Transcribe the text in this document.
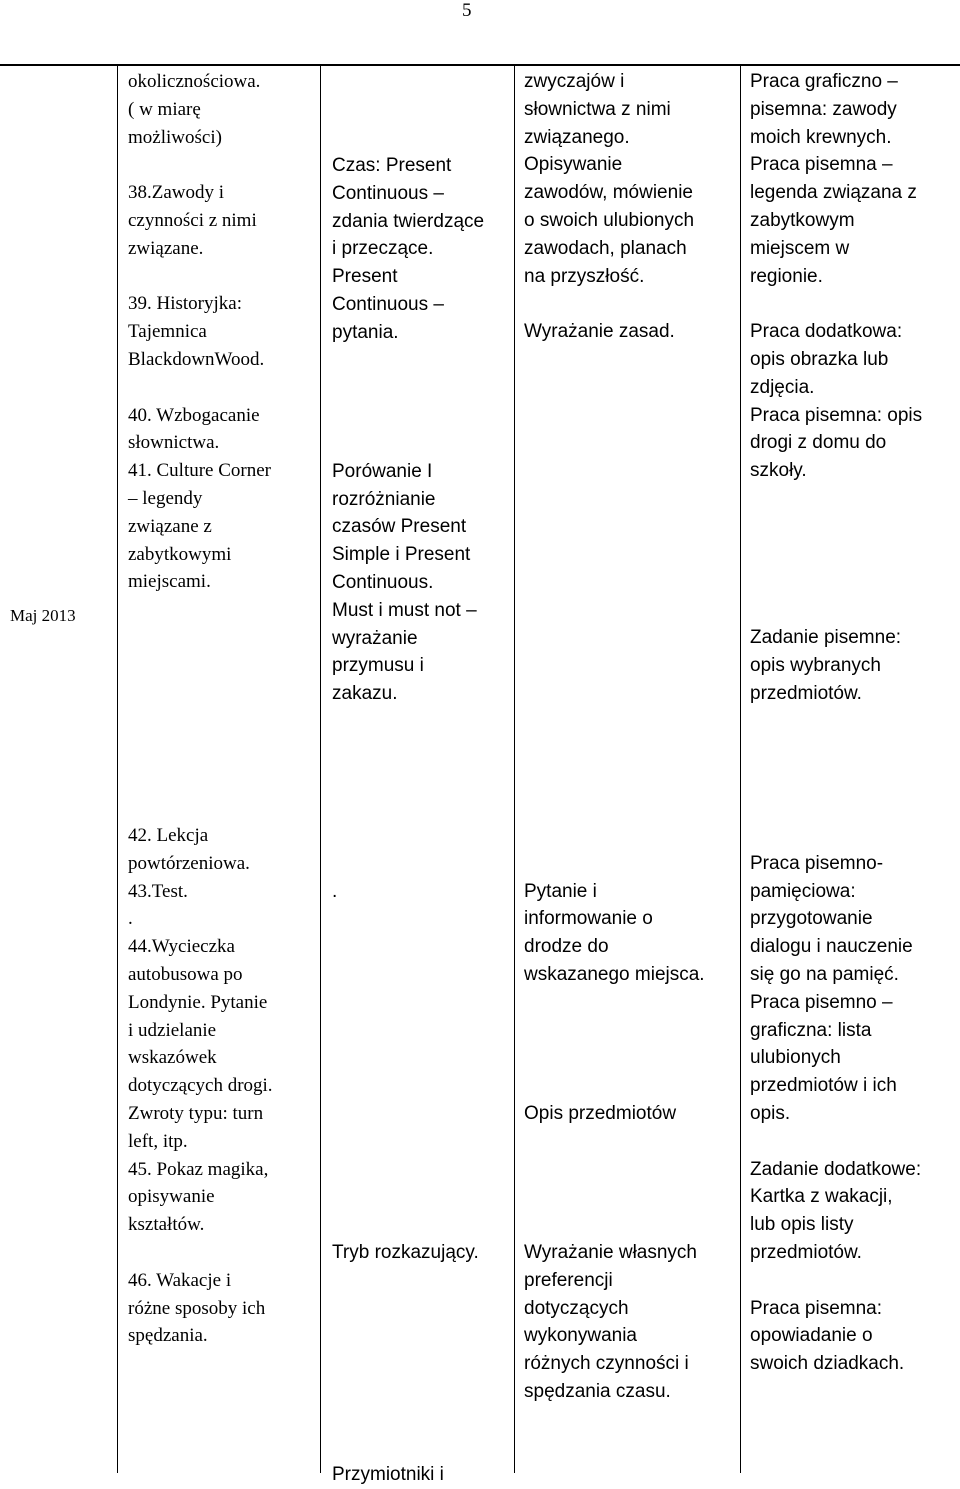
5
Maj 2013
okolicznościowa.
( w miarę
możliwości)

38.Zawody i
czynności z nimi
związane.

39. Historyjka:
Tajemnica
BlackdownWood.

40. Wzbogacanie
słownictwa.
41. Culture Corner
– legendy
związane z
zabytkowymi
miejscami.
Czas: Present
Continuous –
zdania twierdzące
i przeczące.
Present
Continuous –
pytania.

Porówanie I
rozróżnianie
czasów Present
Simple i Present
Continuous.
Must i must not –
wyrażanie
przymusu i
zakazu.
zwyczajów i
słownictwa z nimi
związanego.
Opisywanie
zawodów, mówienie
o swoich ulubionych
zawodach, planach
na przyszłość.

Wyrażanie zasad.
Praca graficzno –
pisemna: zawody
moich krewnych.
Praca pisemna –
legenda związana z
zabytkowym
miejscem w
regionie.

Praca dodatkowa:
opis obrazka lub
zdjęcia.
Praca pisemna: opis
drogi z domu do
szkoły.

Zadanie pisemne:
opis wybranych
przedmiotów.
42. Lekcja
powtórzeniowa.
43.Test.
.
44.Wycieczka
autobusowa po
Londynie. Pytanie
i udzielanie
wskazówek
dotyczących drogi.
Zwroty typu: turn
left, itp.
45. Pokaz magika,
opisywanie
kształtów.

46. Wakacje i
różne sposoby ich
spędzania.

.

Tryb rozkazujący.

Przymiotniki i

Pytanie i
informowanie o
drodze do
wskazanego miejsca.

Opis przedmiotów

Wyrażanie własnych
preferencji
dotyczących
wykonywania
różnych czynności i
spędzania czasu.

Praca pisemno-
pamięciowa:
przygotowanie
dialogu i nauczenie
się go na pamięć.
Praca pisemno –
graficzna: lista
ulubionych
przedmiotów i ich
opis.

Zadanie dodatkowe:
Kartka z wakacji,
lub opis listy
przedmiotów.

Praca pisemna:
opowiadanie o
swoich dziadkach.
